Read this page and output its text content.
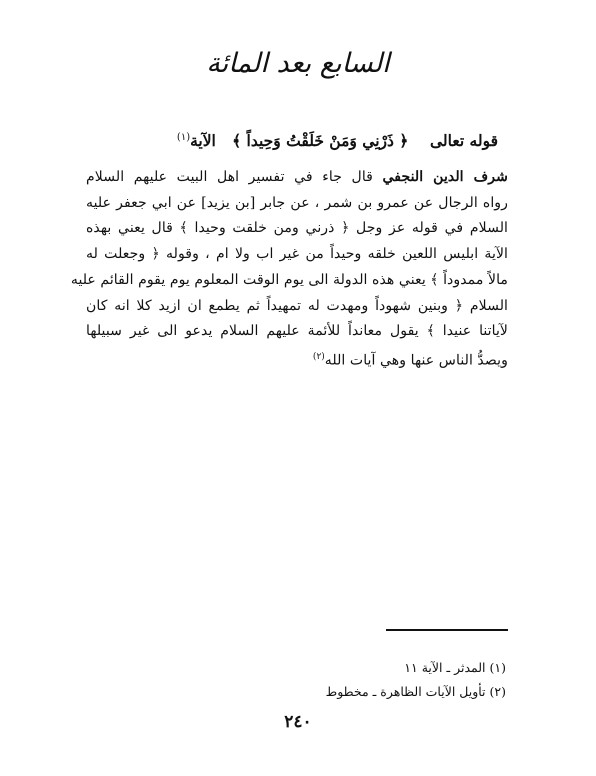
السابع بعد المائة
قوله تعالى    ﴿ ذَرْنِي وَمَنْ خَلَقْتُ وَحِيداً ﴾   الآية$^{(١)}$
شرف الدين النجفي قال جاء في تفسير اهل البيت عليهم السلام
رواه الرجال عن عمرو بن شمر ، عن جابر [بن يزيد] عن ابي جعفر عليه
السلام في قوله عز وجل ﴿ ذرني ومن خلقت وحيدا ﴾ قال يعني بهذه
الآية ابليس اللعين خلقه وحيداً من غير اب ولا ام ، وقوله ﴿ وجعلت له
مالاً ممدوداً ﴾ يعني هذه الدولة الى يوم الوقت المعلوم يوم يقوم القائم عليه
السلام ﴿ وبنين شهوداً ومهدت له تمهيداً ثم يطمع ان ازيد كلا انه كان
لآياتنا عنيدا ﴾ يقول معانداً للأئمة عليهم السلام يدعو الى غير سبيلها
ويصدُّ الناس عنها وهي آيات الله$^{(٢)}$
(١) المدثر ـ الآية ١١
(٢) تأويل الآيات الظاهرة ـ مخطوط
٢٤٠
